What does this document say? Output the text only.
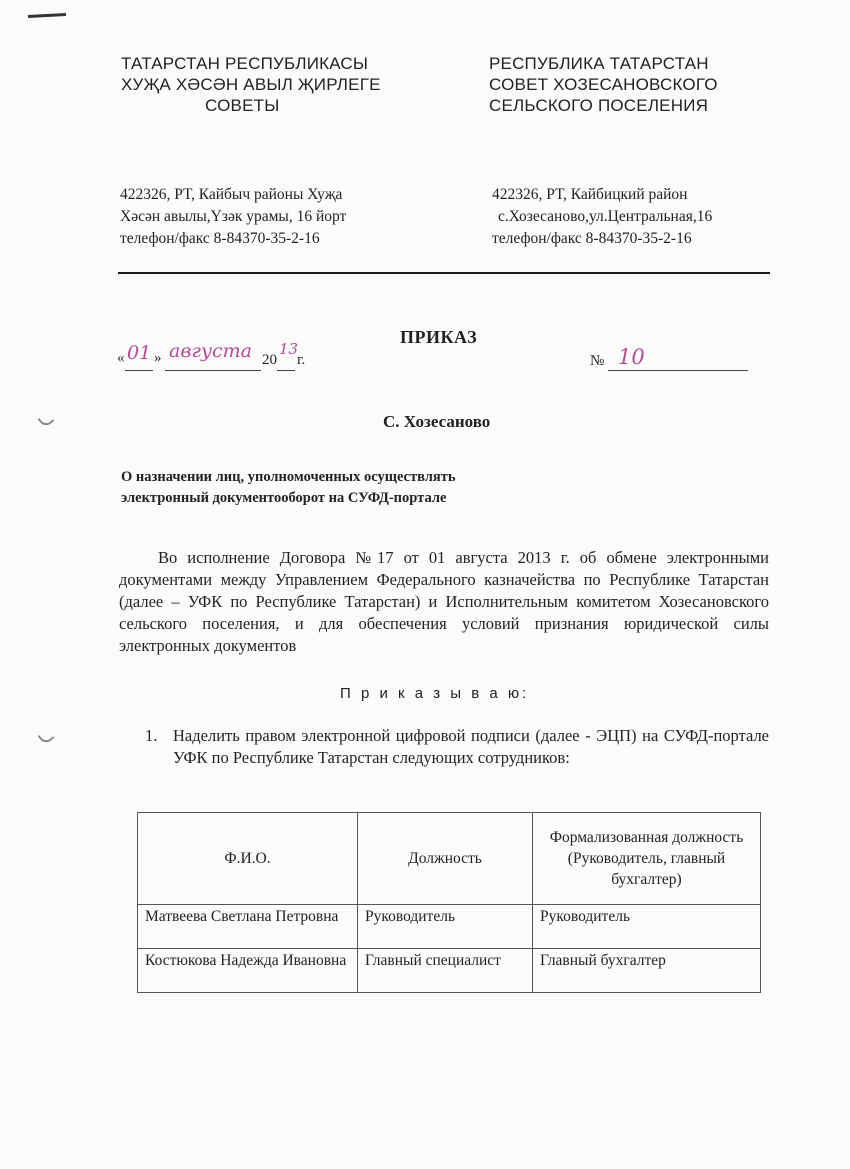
ТАТАРСТАН РЕСПУБЛИКАСЫ
ХУҖА ХӘСӘН АВЫЛ ҖИРЛЕГЕ
СОВЕТЫ
РЕСПУБЛИКА ТАТАРСТАН
СОВЕТ ХОЗЕСАНОВСКОГО
СЕЛЬСКОГО ПОСЕЛЕНИЯ
422326, РТ, Кайбыч районы Хуҗа
Хәсән авылы,Үзәк урамы, 16 йорт
телефон/факс 8-84370-35-2-16
422326, РТ, Кайбицкий район
с.Хозесаново,ул.Центральная,16
телефон/факс 8-84370-35-2-16
ПРИКАЗ
« 01 » августа 20
13
г.	№ 10
С. Хозесаново
О назначении лиц, уполномоченных осуществлять
электронный документооборот на СУФД-портале
Во исполнение Договора №17 от 01 августа 2013 г. об обмене электронными документами между Управлением Федерального казначейства по Республике Татарстан (далее – УФК по Республике Татарстан) и Исполнительным комитетом Хозесановского сельского поселения, и для обеспечения условий признания юридической силы электронных документов
П р и к а з ы в а ю:
1. Наделить правом электронной цифровой подписи (далее - ЭЦП) на СУФД-портале УФК по Республике Татарстан следующих сотрудников:
Ф.И.О.	Должность	Формализованная должность (Руководитель, главный бухгалтер)
Матвеева Светлана Петровна	Руководитель	Руководитель
Костюкова Надежда Ивановна	Главный специалист	Главный бухгалтер
